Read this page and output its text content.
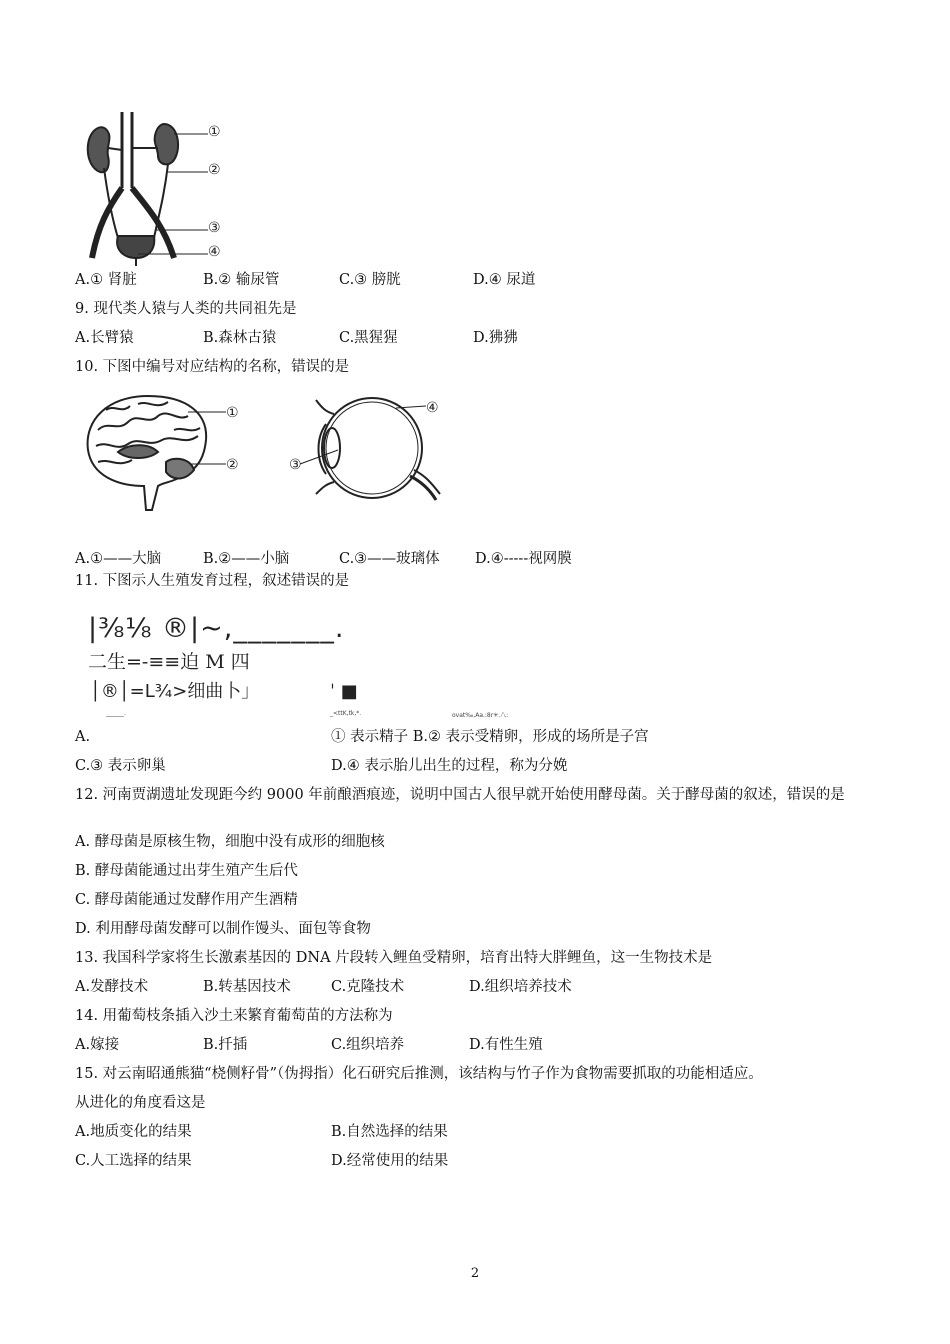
①
②
③
④
A.① 肾脏	B.② 输尿管	C.③ 膀胱	D.④ 尿道
9. 现代类人猿与人类的共同祖先是
A.长臂猿	B.森林古猿	C.黑猩猩	D.狒狒
10. 下图中编号对应结构的名称，错误的是
①
②	③
④
A.①——大脑	B.②——小脑	C.③——玻璃体 D.④-----视网膜
11. 下图示人生殖发育过程，叙述错误的是
|⅜⅛ ®|~,_______.
二生=-≡≡迫 M 四
│®│=L¾>细曲卜」	ˈ ■
______.	_<ttK,tk,*.	ovat‰,Aa.:8r✳.八:
A.	① 表示精子 B.② 表示受精卵，形成的场所是子宫
C.③ 表示卵巢	D.④ 表示胎儿出生的过程，称为分娩
12. 河南贾湖遗址发现距今约 9000 年前酿酒痕迹，说明中国古人很早就开始使用酵母菌。关于酵母菌的叙述，错误的是
A. 酵母菌是原核生物，细胞中没有成形的细胞核
B. 酵母菌能通过出芽生殖产生后代
C. 酵母菌能通过发酵作用产生酒精
D. 利用酵母菌发酵可以制作馒头、面包等食物
13. 我国科学家将生长激素基因的 DNA 片段转入鲤鱼受精卵，培育出特大胖鲤鱼，这一生物技术是
A.发酵技术	B.转基因技术	C.克隆技术	D.组织培养技术
14. 用葡萄枝条插入沙土来繁育葡萄苗的方法称为
A.嫁接	B.扦插	C.组织培养	D.有性生殖
15. 对云南昭通熊猫“桡侧籽骨”（伪拇指）化石研究后推测，该结构与竹子作为食物需要抓取的功能相适应。
从进化的角度看这是
A.地质变化的结果	B.自然选择的结果
C.人工选择的结果	D.经常使用的结果
2
